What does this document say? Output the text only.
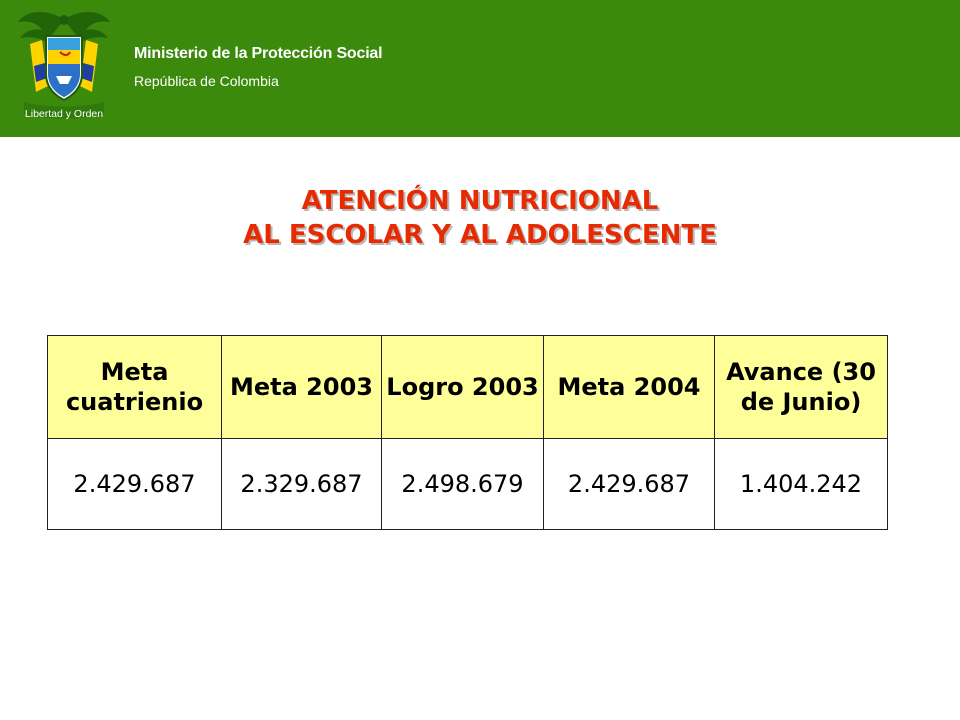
Libertad y Orden
Ministerio de la Protección Social
República de Colombia
ATENCIÓN NUTRICIONAL
AL ESCOLAR Y AL ADOLESCENTE
Meta cuatrienio	Meta 2003	Logro 2003	Meta 2004	Avance (30 de Junio)
2.429.687	2.329.687	2.498.679	2.429.687	1.404.242
